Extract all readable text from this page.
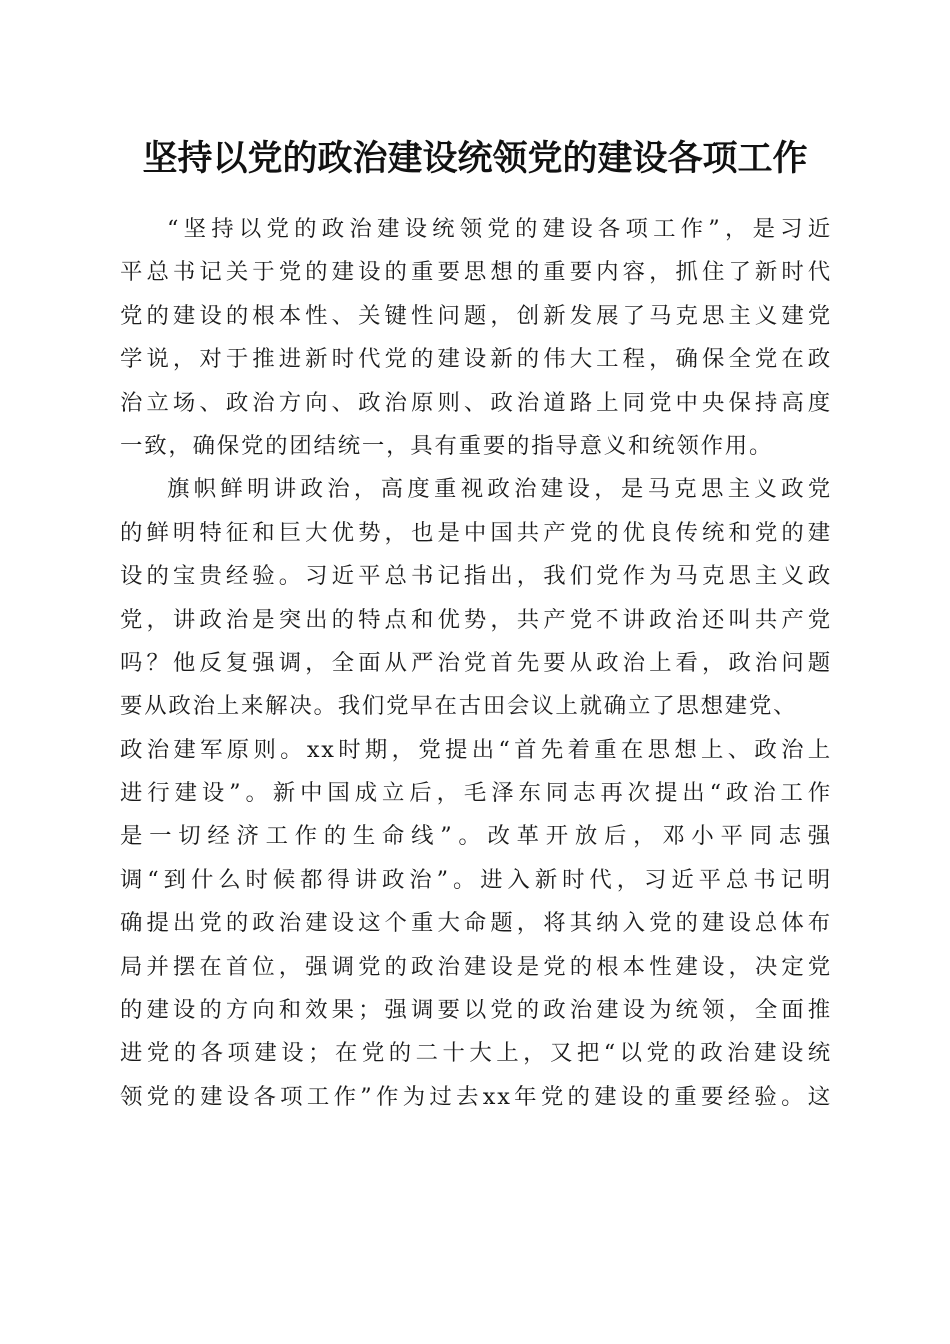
坚持以党的政治建设统领党的建设各项工作
“坚持以党的政治建设统领党的建设各项工作”，是习近
平总书记关于党的建设的重要思想的重要内容，抓住了新时代
党的建设的根本性、关键性问题，创新发展了马克思主义建党
学说，对于推进新时代党的建设新的伟大工程，确保全党在政
治立场、政治方向、政治原则、政治道路上同党中央保持高度
一致，确保党的团结统一，具有重要的指导意义和统领作用。
旗帜鲜明讲政治，高度重视政治建设，是马克思主义政党
的鲜明特征和巨大优势，也是中国共产党的优良传统和党的建
设的宝贵经验。习近平总书记指出，我们党作为马克思主义政
党，讲政治是突出的特点和优势，共产党不讲政治还叫共产党
吗？他反复强调，全面从严治党首先要从政治上看，政治问题
要从政治上来解决。我们党早在古田会议上就确立了思想建党、
政治建军原则。xx时期，党提出“首先着重在思想上、政治上
进行建设”。新中国成立后，毛泽东同志再次提出“政治工作
是一切经济工作的生命线”。改革开放后，邓小平同志强
调“到什么时候都得讲政治”。进入新时代，习近平总书记明
确提出党的政治建设这个重大命题，将其纳入党的建设总体布
局并摆在首位，强调党的政治建设是党的根本性建设，决定党
的建设的方向和效果；强调要以党的政治建设为统领，全面推
进党的各项建设；在党的二十大上，又把“以党的政治建设统
领党的建设各项工作”作为过去xx年党的建设的重要经验。这
